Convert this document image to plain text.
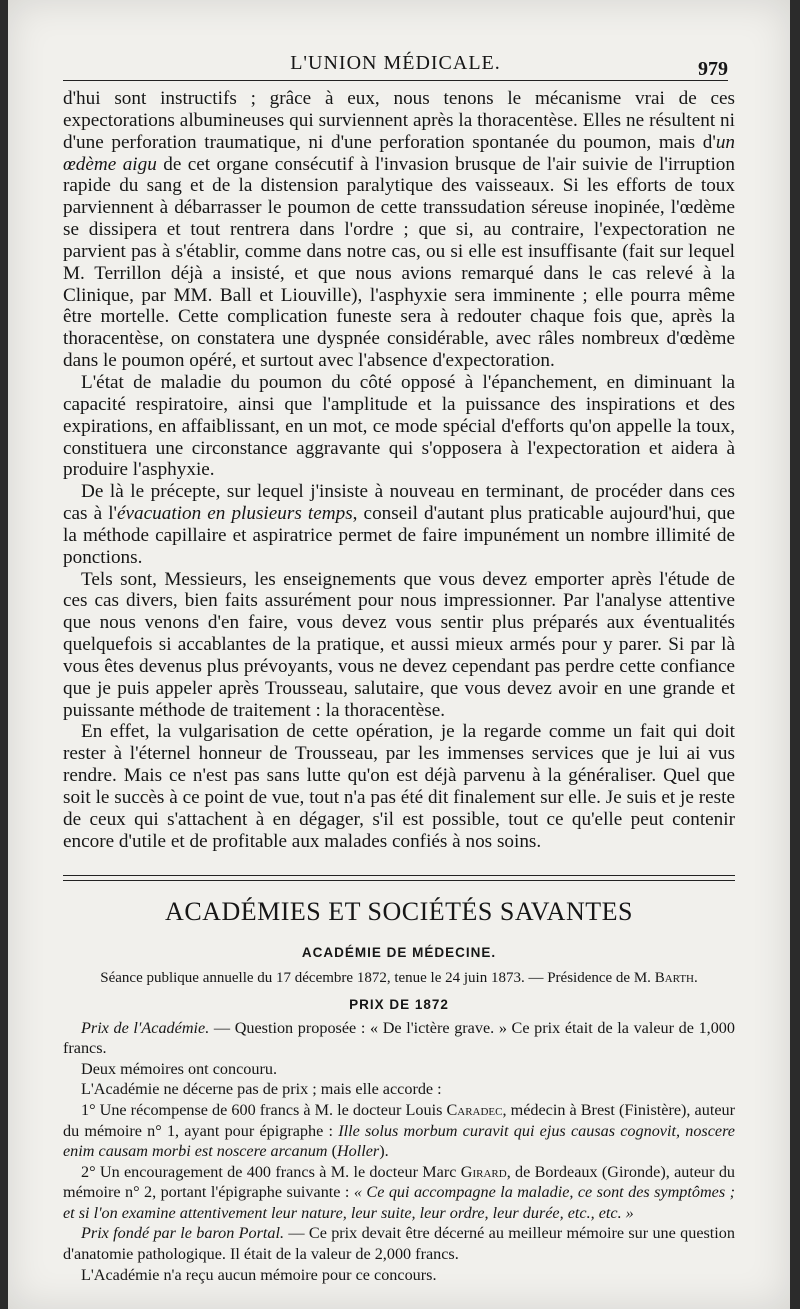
L'UNION MÉDICALE.	979

d'hui sont instructifs ; grâce à eux, nous tenons le mécanisme vrai de ces expectorations albumineuses qui surviennent après la thoracentèse. Elles ne résultent ni d'une perforation traumatique, ni d'une perforation spontanée du poumon, mais d'un œdème aigu de cet organe consécutif à l'invasion brusque de l'air suivie de l'irruption rapide du sang et de la distension paralytique des vaisseaux. Si les efforts de toux parviennent à débarrasser le poumon de cette transsudation séreuse inopinée, l'œdème se dissipera et tout rentrera dans l'ordre ; que si, au contraire, l'expectoration ne parvient pas à s'établir, comme dans notre cas, ou si elle est insuffisante (fait sur lequel M. Terrillon déjà a insisté, et que nous avions remarqué dans le cas relevé à la Clinique, par MM. Ball et Liouville), l'asphyxie sera imminente ; elle pourra même être mortelle. Cette complication funeste sera à redouter chaque fois que, après la thoracentèse, on constatera une dyspnée considérable, avec râles nombreux d'œdème dans le poumon opéré, et surtout avec l'absence d'expectoration.

L'état de maladie du poumon du côté opposé à l'épanchement, en diminuant la capacité respiratoire, ainsi que l'amplitude et la puissance des inspirations et des expirations, en affaiblissant, en un mot, ce mode spécial d'efforts qu'on appelle la toux, constituera une circonstance aggravante qui s'opposera à l'expectoration et aidera à produire l'asphyxie.

De là le précepte, sur lequel j'insiste à nouveau en terminant, de procéder dans ces cas à l'évacuation en plusieurs temps, conseil d'autant plus praticable aujourd'hui, que la méthode capillaire et aspiratrice permet de faire impunément un nombre illimité de ponctions.

Tels sont, Messieurs, les enseignements que vous devez emporter après l'étude de ces cas divers, bien faits assurément pour nous impressionner. Par l'analyse attentive que nous venons d'en faire, vous devez vous sentir plus préparés aux éventualités quelquefois si accablantes de la pratique, et aussi mieux armés pour y parer. Si par là vous êtes devenus plus prévoyants, vous ne devez cependant pas perdre cette confiance que je puis appeler après Trousseau, salutaire, que vous devez avoir en une grande et puissante méthode de traitement : la thoracentèse.

En effet, la vulgarisation de cette opération, je la regarde comme un fait qui doit rester à l'éternel honneur de Trousseau, par les immenses services que je lui ai vus rendre. Mais ce n'est pas sans lutte qu'on est déjà parvenu à la généraliser. Quel que soit le succès à ce point de vue, tout n'a pas été dit finalement sur elle. Je suis et je reste de ceux qui s'attachent à en dégager, s'il est possible, tout ce qu'elle peut contenir encore d'utile et de profitable aux malades confiés à nos soins.

ACADÉMIES ET SOCIÉTÉS SAVANTES
ACADÉMIE DE MÉDECINE.
Séance publique annuelle du 17 décembre 1872, tenue le 24 juin 1873. — Présidence de M. Barth.
PRIX DE 1872

Prix de l'Académie. — Question proposée : « De l'ictère grave. » Ce prix était de la valeur de 1,000 francs.

Deux mémoires ont concouru.

L'Académie ne décerne pas de prix ; mais elle accorde :

1° Une récompense de 600 francs à M. le docteur Louis Caradec, médecin à Brest (Finistère), auteur du mémoire n° 1, ayant pour épigraphe : Ille solus morbum curavit qui ejus causas cognovit, noscere enim causam morbi est noscere arcanum (Holler).

2° Un encouragement de 400 francs à M. le docteur Marc Girard, de Bordeaux (Gironde), auteur du mémoire n° 2, portant l'épigraphe suivante : « Ce qui accompagne la maladie, ce sont des symptômes ; et si l'on examine attentivement leur nature, leur suite, leur ordre, leur durée, etc., etc. »

Prix fondé par le baron Portal. — Ce prix devait être décerné au meilleur mémoire sur une question d'anatomie pathologique. Il était de la valeur de 2,000 francs.

L'Académie n'a reçu aucun mémoire pour ce concours.
